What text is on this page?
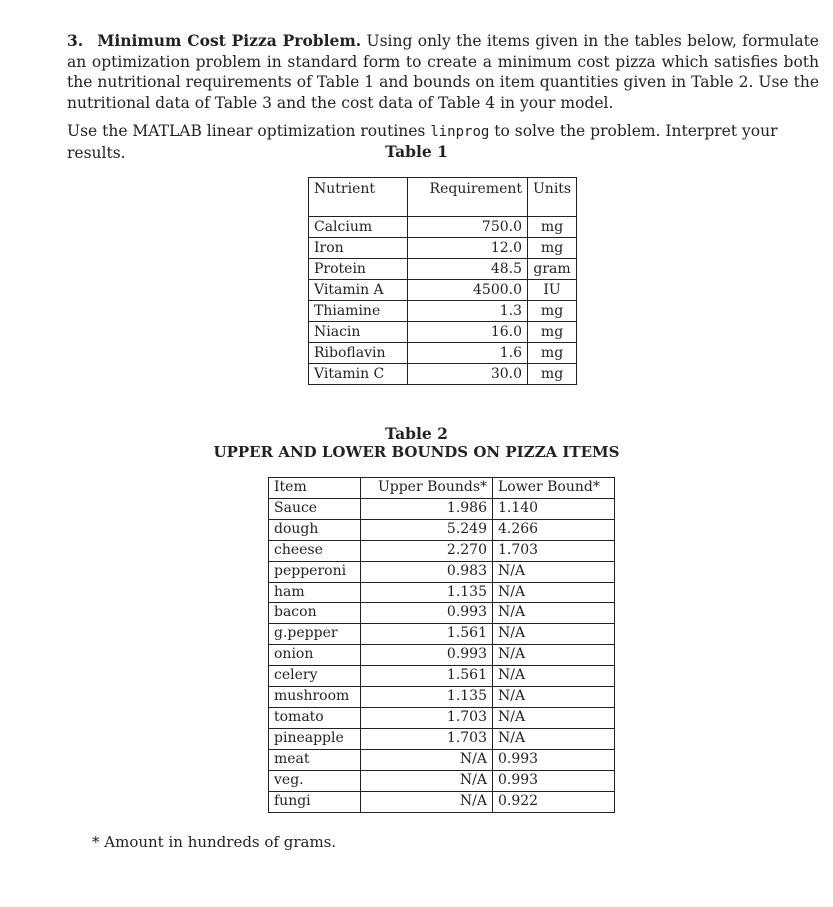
3. Minimum Cost Pizza Problem. Using only the items given in the tables below, formulate an optimization problem in standard form to create a minimum cost pizza which satisfies both the nutritional requirements of Table 1 and bounds on item quantities given in Table 2. Use the nutritional data of Table 3 and the cost data of Table 4 in your model.
Use the MATLAB linear optimization routines linprog to solve the problem. Interpret your results.	Table 1
Nutrient	Requirement	Units

Calcium	750.0	mg
Iron	12.0	mg
Protein	48.5	gram
Vitamin A	4500.0	IU
Thiamine	1.3	mg
Niacin	16.0	mg
Riboflavin	1.6	mg
Vitamin C	30.0	mg
Table 2
UPPER AND LOWER BOUNDS ON PIZZA ITEMS
Item	Upper Bounds*	Lower Bound*
Sauce	1.986	1.140
dough	5.249	4.266
cheese	2.270	1.703
pepperoni	0.983	N/A
ham	1.135	N/A
bacon	0.993	N/A
g.pepper	1.561	N/A
onion	0.993	N/A
celery	1.561	N/A
mushroom	1.135	N/A
tomato	1.703	N/A
pineapple	1.703	N/A
meat	N/A	0.993
veg.	N/A	0.993
fungi	N/A	0.922
* Amount in hundreds of grams.
